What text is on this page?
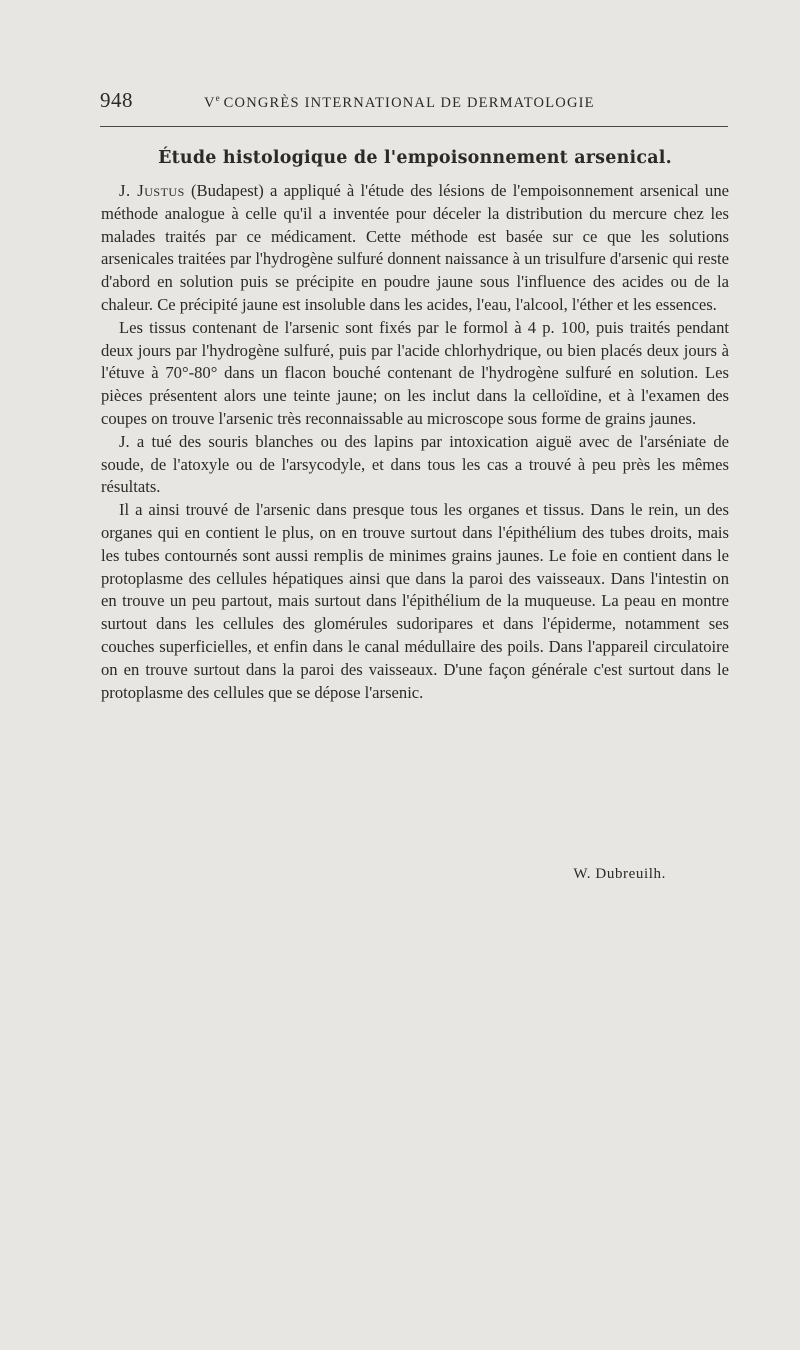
948	Ve CONGRÈS INTERNATIONAL DE DERMATOLOGIE
Étude histologique de l'empoisonnement arsenical.

J. Justus (Budapest) a appliqué à l'étude des lésions de l'empoisonnement arsenical une méthode analogue à celle qu'il a inventée pour déceler la distribution du mercure chez les malades traités par ce médicament. Cette méthode est basée sur ce que les solutions arsenicales traitées par l'hydrogène sulfuré donnent naissance à un trisulfure d'arsenic qui reste d'abord en solution puis se précipite en poudre jaune sous l'influence des acides ou de la chaleur. Ce précipité jaune est insoluble dans les acides, l'eau, l'alcool, l'éther et les essences.

Les tissus contenant de l'arsenic sont fixés par le formol à 4 p. 100, puis traités pendant deux jours par l'hydrogène sulfuré, puis par l'acide chlorhydrique, ou bien placés deux jours à l'étuve à 70°-80° dans un flacon bouché contenant de l'hydrogène sulfuré en solution. Les pièces présentent alors une teinte jaune; on les inclut dans la celloïdine, et à l'examen des coupes on trouve l'arsenic très reconnaissable au microscope sous forme de grains jaunes.

J. a tué des souris blanches ou des lapins par intoxication aiguë avec de l'arséniate de soude, de l'atoxyle ou de l'arsycodyle, et dans tous les cas a trouvé à peu près les mêmes résultats.

Il a ainsi trouvé de l'arsenic dans presque tous les organes et tissus. Dans le rein, un des organes qui en contient le plus, on en trouve surtout dans l'épithélium des tubes droits, mais les tubes contournés sont aussi remplis de minimes grains jaunes. Le foie en contient dans le protoplasme des cellules hépatiques ainsi que dans la paroi des vaisseaux. Dans l'intestin on en trouve un peu partout, mais surtout dans l'épithélium de la muqueuse. La peau en montre surtout dans les cellules des glomérules sudoripares et dans l'épiderme, notamment ses couches superficielles, et enfin dans le canal médullaire des poils. Dans l'appareil circulatoire on en trouve surtout dans la paroi des vaisseaux. D'une façon générale c'est surtout dans le protoplasme des cellules que se dépose l'arsenic.

W. Dubreuilh.
